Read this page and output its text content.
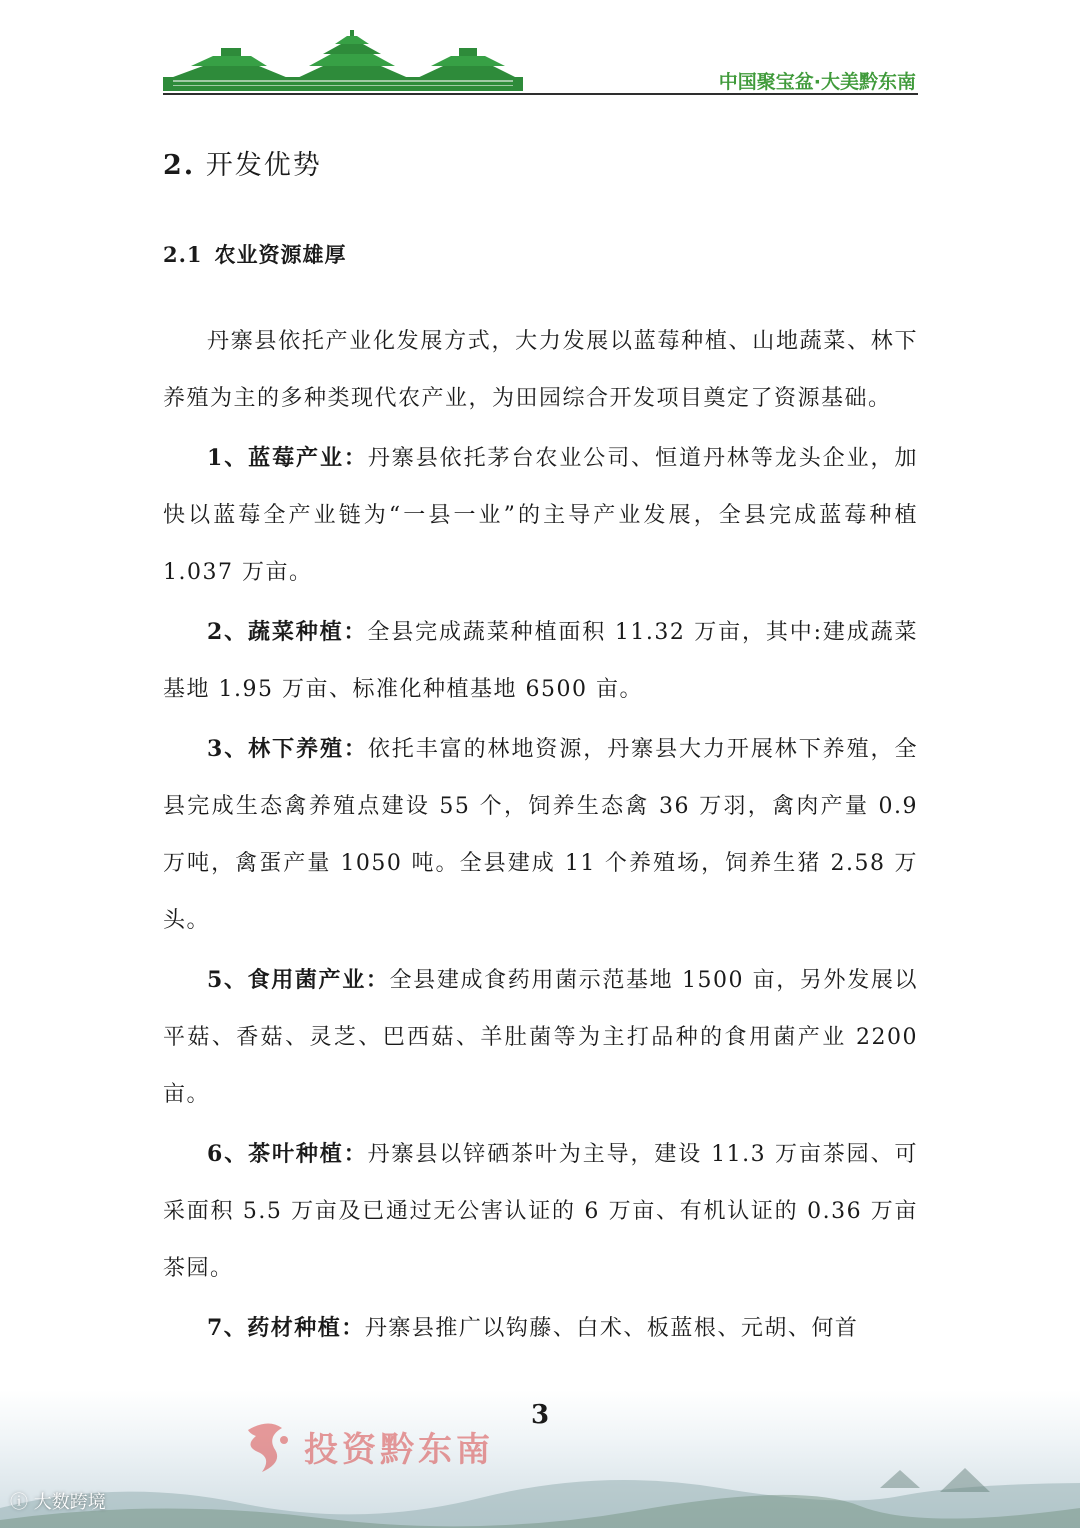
中国聚宝盆·大美黔东南
2. 开发优势
2.1 农业资源雄厚

丹寨县依托产业化发展方式，大力发展以蓝莓种植、山地蔬菜、林下养殖为主的多种类现代农产业，为田园综合开发项目奠定了资源基础。

1、蓝莓产业：丹寨县依托茅台农业公司、恒道丹林等龙头企业，加快以蓝莓全产业链为“一县一业”的主导产业发展，全县完成蓝莓种植 1.037 万亩。

2、蔬菜种植：全县完成蔬菜种植面积 11.32 万亩，其中:建成蔬菜基地 1.95 万亩、标准化种植基地 6500 亩。

3、林下养殖：依托丰富的林地资源，丹寨县大力开展林下养殖，全县完成生态禽养殖点建设 55 个，饲养生态禽 36 万羽，禽肉产量 0.9 万吨，禽蛋产量 1050 吨。全县建成 11 个养殖场，饲养生猪 2.58 万头。

5、食用菌产业：全县建成食药用菌示范基地 1500 亩，另外发展以平菇、香菇、灵芝、巴西菇、羊肚菌等为主打品种的食用菌产业 2200 亩。

6、茶叶种植：丹寨县以锌硒茶叶为主导，建设 11.3 万亩茶园、可采面积 5.5 万亩及已通过无公害认证的 6 万亩、有机认证的 0.36 万亩茶园。

7、药材种植：丹寨县推广以钩藤、白术、板蓝根、元胡、何首

投资黔东南
ⓘ 大数跨境
3
